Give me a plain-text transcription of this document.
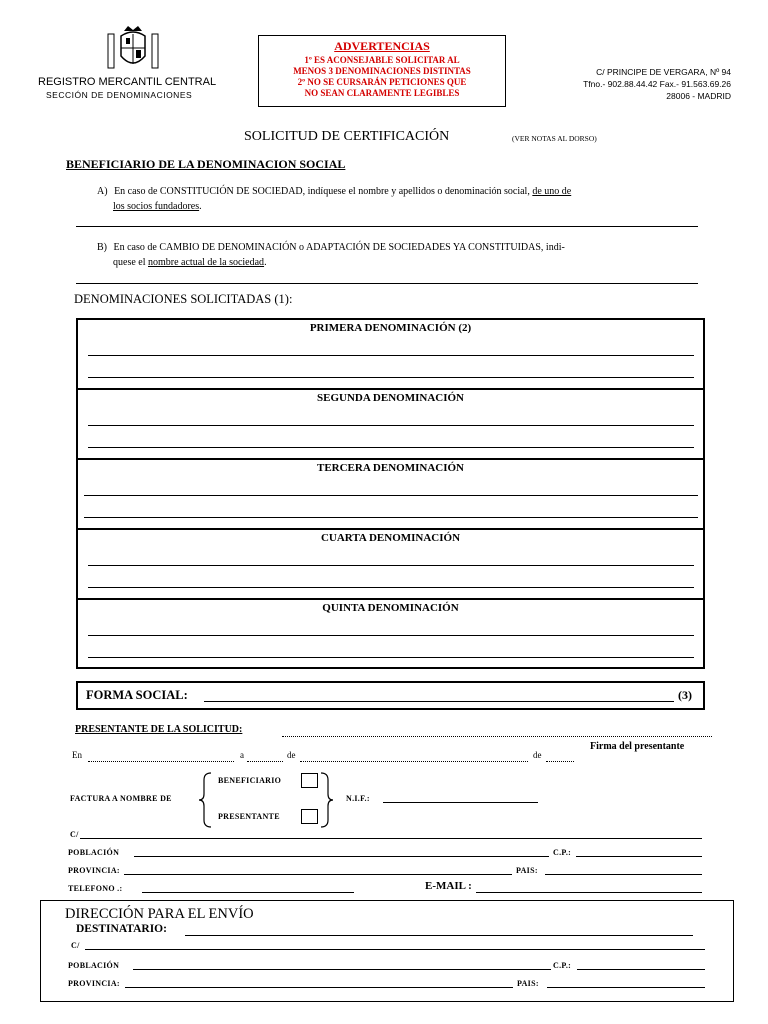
REGISTRO MERCANTIL CENTRAL
SECCIÓN DE DENOMINACIONES
ADVERTENCIAS
1º ES ACONSEJABLE SOLICITAR AL
MENOS 3 DENOMINACIONES DISTINTAS
2º NO SE CURSARÁN PETICIONES QUE
NO SEAN CLARAMENTE LEGIBLES
C/ PRINCIPE DE VERGARA, Nº 94
Tfno.- 902.88.44.42 Fax.- 91.563.69.26
28006 - MADRID
SOLICITUD DE CERTIFICACIÓN	(VER NOTAS AL DORSO)
BENEFICIARIO DE LA DENOMINACION SOCIAL
A) En caso de CONSTITUCIÓN DE SOCIEDAD, indíquese el nombre y apellidos o denominación social, de uno de
los socios fundadores.
B) En caso de CAMBIO DE DENOMINACIÓN o ADAPTACIÓN DE SOCIEDADES YA CONSTITUIDAS, indi-
quese el nombre actual de la sociedad.
DENOMINACIONES SOLICITADAS (1):
PRIMERA DENOMINACIÓN (2)
SEGUNDA DENOMINACIÓN
TERCERA DENOMINACIÓN
CUARTA DENOMINACIÓN
QUINTA DENOMINACIÓN
FORMA SOCIAL:	(3)
PRESENTANTE DE LA SOLICITUD:
En	a	de	de
Firma del presentante
FACTURA A NOMBRE DE
BENEFICIARIO
PRESENTANTE
N.I.F.:
C/
POBLACIÓN	C.P.:
PROVINCIA:	PAIS:
TELEFONO .:	E-MAIL :
DIRECCIÓN PARA EL ENVÍO
DESTINATARIO:
C/
POBLACIÓN	C.P.:
PROVINCIA:	PAIS:
